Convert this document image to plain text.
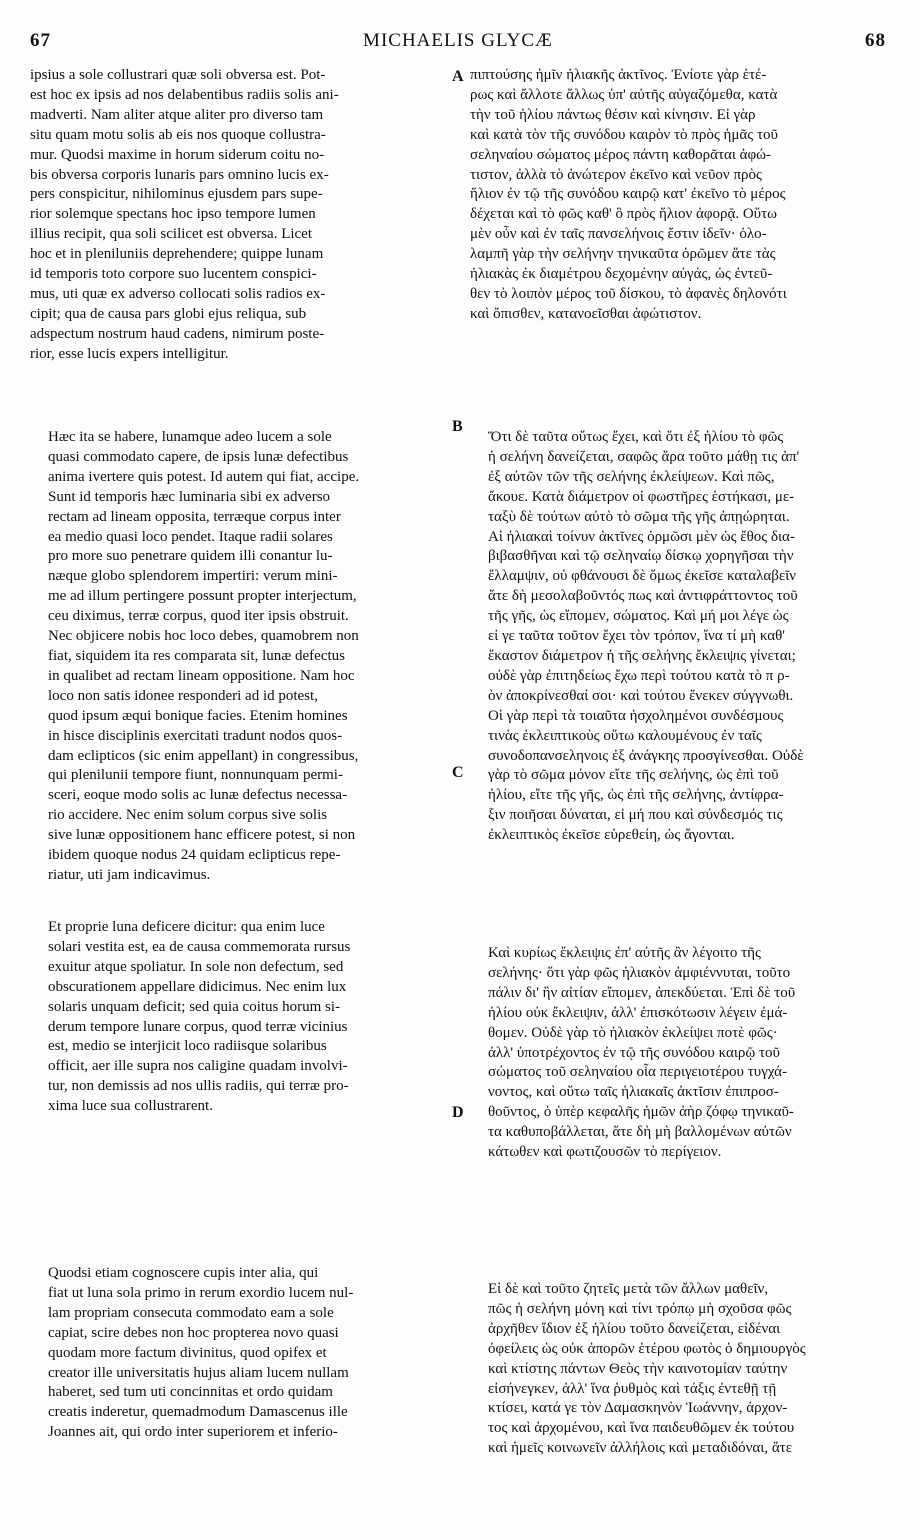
67	MICHAELIS GLYCÆ	68
A
B
C
D

ipsius a sole collustrari quæ soli obversa est. Pot-
est hoc ex ipsis ad nos delabentibus radiis solis ani-
madverti. Nam aliter atque aliter pro diverso tam
situ quam motu solis ab eis nos quoque collustra-
mur. Quodsi maxime in horum siderum coitu no-
bis obversa corporis lunaris pars omnino lucis ex-
pers conspicitur, nihilominus ejusdem pars supe-
rior solemque spectans hoc ipso tempore lumen
illius recipit, qua soli scilicet est obversa. Licet
hoc et in pleniluniis deprehendere; quippe lunam
id temporis toto corpore suo lucentem conspici-
mus, uti quæ ex adverso collocati solis radios ex-
cipit; qua de causa pars globi ejus reliqua, sub
adspectum nostrum haud cadens, nimirum poste-
rior, esse lucis expers intelligitur.

Hæc ita se habere, lunamque adeo lucem a sole
quasi commodato capere, de ipsis lunæ defectibus
anima ivertere quis potest. Id autem qui fiat, accipe.
Sunt id temporis hæc luminaria sibi ex adverso
rectam ad lineam opposita, terræque corpus inter
ea medio quasi loco pendet. Itaque radii solares
pro more suo penetrare quidem illi conantur lu-
næque globo splendorem impertiri: verum mini-
me ad illum pertingere possunt propter interjectum,
ceu diximus, terræ corpus, quod iter ipsis obstruit.
Nec objicere nobis hoc loco debes, quamobrem non
fiat, siquidem ita res comparata sit, lunæ defectus
in qualibet ad rectam lineam oppositione. Nam hoc
loco non satis idonee responderi ad id potest,
quod ipsum æqui bonique facies. Etenim homines
in hisce disciplinis exercitati tradunt nodos quos-
dam eclipticos (sic enim appellant) in congressibus,
qui plenilunii tempore fiunt, nonnunquam permi-
sceri, eoque modo solis ac lunæ defectus necessa-
rio accidere. Nec enim solum corpus sive solis
sive lunæ oppositionem hanc efficere potest, si non
ibidem quoque nodus 24 quidam eclipticus repe-
riatur, uti jam indicavimus.

Et proprie luna deficere dicitur: qua enim luce
solari vestita est, ea de causa commemorata rursus
exuitur atque spoliatur. In sole non defectum, sed
obscurationem appellare didicimus. Nec enim lux
solaris unquam deficit; sed quia coitus horum si-
derum tempore lunare corpus, quod terræ vicinius
est, medio se interjicit loco radiisque solaribus
officit, aer ille supra nos caligine quadam involvi-
tur, non demissis ad nos ullis radiis, qui terræ pro-
xima luce sua collustrarent.

Quodsi etiam cognoscere cupis inter alia, qui
fiat ut luna sola primo in rerum exordio lucem nul-
lam propriam consecuta commodato eam a sole
capiat, scire debes non hoc propterea novo quasi
quodam more factum divinitus, quod opifex et
creator ille universitatis hujus aliam lucem nullam
haberet, sed tum uti concinnitas et ordo quidam
creatis inderetur, quemadmodum Damascenus ille
Joannes ait, qui ordo inter superiorem et inferio-

πιπτούσης ἡμῖν ἡλιακῆς ἀκτῖνος. Ἐνίοτε γὰρ ἑτέ-
ρως καὶ ἄλλοτε ἄλλως ὑπ' αὐτῆς αὐγαζόμεθα, κατὰ
τὴν τοῦ ἡλίου πάντως θέσιν καὶ κίνησιν. Εἰ γὰρ
καὶ κατὰ τὸν τῆς συνόδου καιρὸν τὸ πρὸς ἡμᾶς τοῦ
σεληναίου σώματος μέρος πάντη καθορᾶται ἀφώ-
τιστον, ἀλλὰ τὸ ἀνώτερον ἐκεῖνο καὶ νεῦον πρὸς
ἥλιον ἐν τῷ τῆς συνόδου καιρῷ κατ' ἐκεῖνο τὸ μέρος
δέχεται καὶ τὸ φῶς καθ' ὃ πρὸς ἥλιον ἀφορᾷ. Οὕτω
μὲν οὖν καὶ ἐν ταῖς πανσελήνοις ἔστιν ἰδεῖν· ὁλο-
λαμπῆ γὰρ τὴν σελήνην τηνικαῦτα ὁρῶμεν ἅτε τὰς
ἡλιακὰς ἐκ διαμέτρου δεχομένην αὐγάς, ὡς ἐντεῦ-
θεν τὸ λοιπὸν μέρος τοῦ δίσκου, τὸ ἀφανὲς δηλονότι
καὶ ὄπισθεν, κατανοεῖσθαι ἀφώτιστον.

Ὅτι δὲ ταῦτα οὕτως ἔχει, καὶ ὅτι ἐξ ἡλίου τὸ φῶς
ἡ σελήνη δανείζεται, σαφῶς ἄρα τοῦτο μάθῃ τις ἀπ'
ἐξ αὐτῶν τῶν τῆς σελήνης ἐκλείψεων. Καὶ πῶς,
ἄκουε. Κατὰ διάμετρον οἱ φωστῆρες ἑστήκασι, με-
ταξὺ δὲ τούτων αὐτὸ τὸ σῶμα τῆς γῆς ἀπῃώρηται.
Αἱ ἡλιακαὶ τοίνυν ἀκτῖνες ὁρμῶσι μὲν ὡς ἔθος δια-
βιβασθῆναι καὶ τῷ σεληναίῳ δίσκῳ χορηγῆσαι τὴν
ἔλλαμψιν, οὐ φθάνουσι δὲ ὅμως ἐκεῖσε καταλαβεῖν
ἅτε δὴ μεσολαβοῦντός πως καὶ ἀντιφράττοντος τοῦ
τῆς γῆς, ὡς εἴπομεν, σώματος. Καὶ μή μοι λέγε ὡς
εἰ γε ταῦτα τοῦτον ἔχει τὸν τρόπον, ἵνα τί μὴ καθ'
ἕκαστον διάμετρον ἡ τῆς σελήνης ἔκλειψις γίνεται;
οὐδὲ γὰρ ἐπιτηδείως ἔχω περὶ τούτου κατὰ τὸ π ρ-
ὸν ἀποκρίνεσθαί σοι· καὶ τούτου ἕνεκεν σύγγνωθι.
Οἱ γὰρ περὶ τὰ τοιαῦτα ἠσχολημένοι συνδέσμους
τινὰς ἐκλειπτικοὺς οὕτω καλουμένους ἐν ταῖς
συνοδοπανσεληνοις ἐξ ἀνάγκης προσγίνεσθαι. Οὐδὲ
γὰρ τὸ σῶμα μόνον εἴτε τῆς σελήνης, ὡς ἐπὶ τοῦ
ἡλίου, εἴτε τῆς γῆς, ὡς ἐπὶ τῆς σελήνης, ἀντίφρα-
ξιν ποιῆσαι δύναται, εἰ μή που καὶ σύνδεσμός τις
ἐκλειπτικὸς ἐκεῖσε εὑρεθείη, ὡς ἄγονται.

Καὶ κυρίως ἔκλειψις ἐπ' αὐτῆς ἂν λέγοιτο τῆς
σελήνης· ὅτι γὰρ φῶς ἡλιακὸν ἀμφιέννυται, τοῦτο
πάλιν δι' ἣν αἰτίαν εἴπομεν, ἀπεκδύεται. Ἐπὶ δὲ τοῦ
ἡλίου οὐκ ἔκλειψιν, ἀλλ' ἐπισκότωσιν λέγειν ἐμά-
θομεν. Οὐδὲ γὰρ τὸ ἡλιακὸν ἐκλείψει ποτὲ φῶς·
ἀλλ' ὑποτρέχοντος ἐν τῷ τῆς συνόδου καιρῷ τοῦ
σώματος τοῦ σεληναίου οἷα περιγειοτέρου τυγχά-
νοντος, καὶ οὕτω ταῖς ἡλιακαῖς ἀκτῖσιν ἐπιπροσ-
θοῦντος, ὁ ὑπὲρ κεφαλῆς ἡμῶν ἀὴρ ζόφῳ τηνικαῦ-
τα καθυποβάλλεται, ἅτε δὴ μὴ βαλλομένων αὐτῶν
κάτωθεν καὶ φωτιζουσῶν τὸ περίγειον.

Εἰ δὲ καὶ τοῦτο ζητεῖς μετὰ τῶν ἄλλων μαθεῖν,
πῶς ἡ σελήνη μόνη καὶ τίνι τρόπῳ μὴ σχοῦσα φῶς
ἀρχῆθεν ἴδιον ἐξ ἡλίου τοῦτο δανείζεται, εἰδέναι
ὀφείλεις ὡς οὐκ ἀπορῶν ἑτέρου φωτὸς ὁ δημιουργὸς
καὶ κτίστης πάντων Θεὸς τὴν καινοτομίαν ταύτην
εἰσήνεγκεν, ἀλλ' ἵνα ῥυθμὸς καὶ τάξις ἐντεθῇ τῇ
κτίσει, κατά γε τὸν Δαμασκηνὸν Ἰωάννην, ἀρχον-
τος καὶ ἀρχομένου, καὶ ἵνα παιδευθῶμεν ἐκ τούτου
καὶ ἡμεῖς κοινωνεῖν ἀλλήλοις καὶ μεταδιδόναι, ἅτε
